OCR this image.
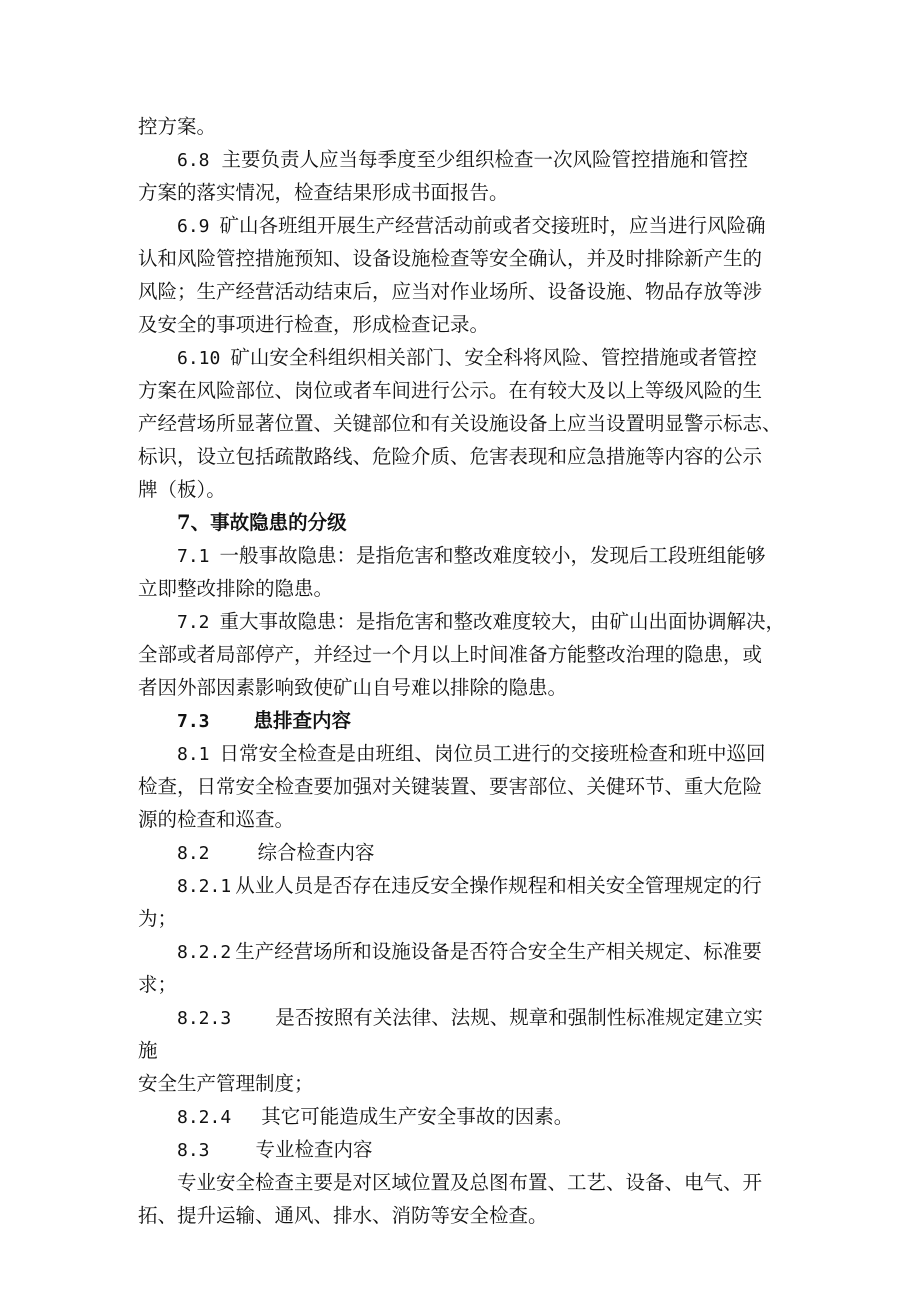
控方案。
6.8 主要负责人应当每季度至少组织检查一次风险管控措施和管控
方案的落实情况，检查结果形成书面报告。
6.9 矿山各班组开展生产经营活动前或者交接班时，应当进行风险确
认和风险管控措施预知、设备设施检查等安全确认，并及时排除新产生的
风险；生产经营活动结束后，应当对作业场所、设备设施、物品存放等涉
及安全的事项进行检查，形成检查记录。
6.10 矿山安全科组织相关部门、安全科将风险、管控措施或者管控
方案在风险部位、岗位或者车间进行公示。在有较大及以上等级风险的生
产经营场所显著位置、关键部位和有关设施设备上应当设置明显警示标志、
标识，设立包括疏散路线、危险介质、危害表现和应急措施等内容的公示
牌（板）。
7、事故隐患的分级
7.1 一般事故隐患：是指危害和整改难度较小，发现后工段班组能够
立即整改排除的隐患。
7.2 重大事故隐患：是指危害和整改难度较大，由矿山出面协调解决，
全部或者局部停产，并经过一个月以上时间准备方能整改治理的隐患，或
者因外部因素影响致使矿山自号难以排除的隐患。
7.3 患排查内容
8.1 日常安全检查是由班组、岗位员工进行的交接班检查和班中巡回
检查，日常安全检查要加强对关键装置、要害部位、关健环节、重大危险
源的检查和巡查。
8.2 综合检查内容
8.2.1 从业人员是否存在违反安全操作规程和相关安全管理规定的行
为；
8.2.2 生产经营场所和设施设备是否符合安全生产相关规定、标准要
求；
8.2.3 是否按照有关法律、法规、规章和强制性标准规定建立实
施
安全生产管理制度；
8.2.4 其它可能造成生产安全事故的因素。
8.3 专业检查内容
专业安全检查主要是对区域位置及总图布置、工艺、设备、电气、开
拓、提升运输、通风、排水、消防等安全检查。
